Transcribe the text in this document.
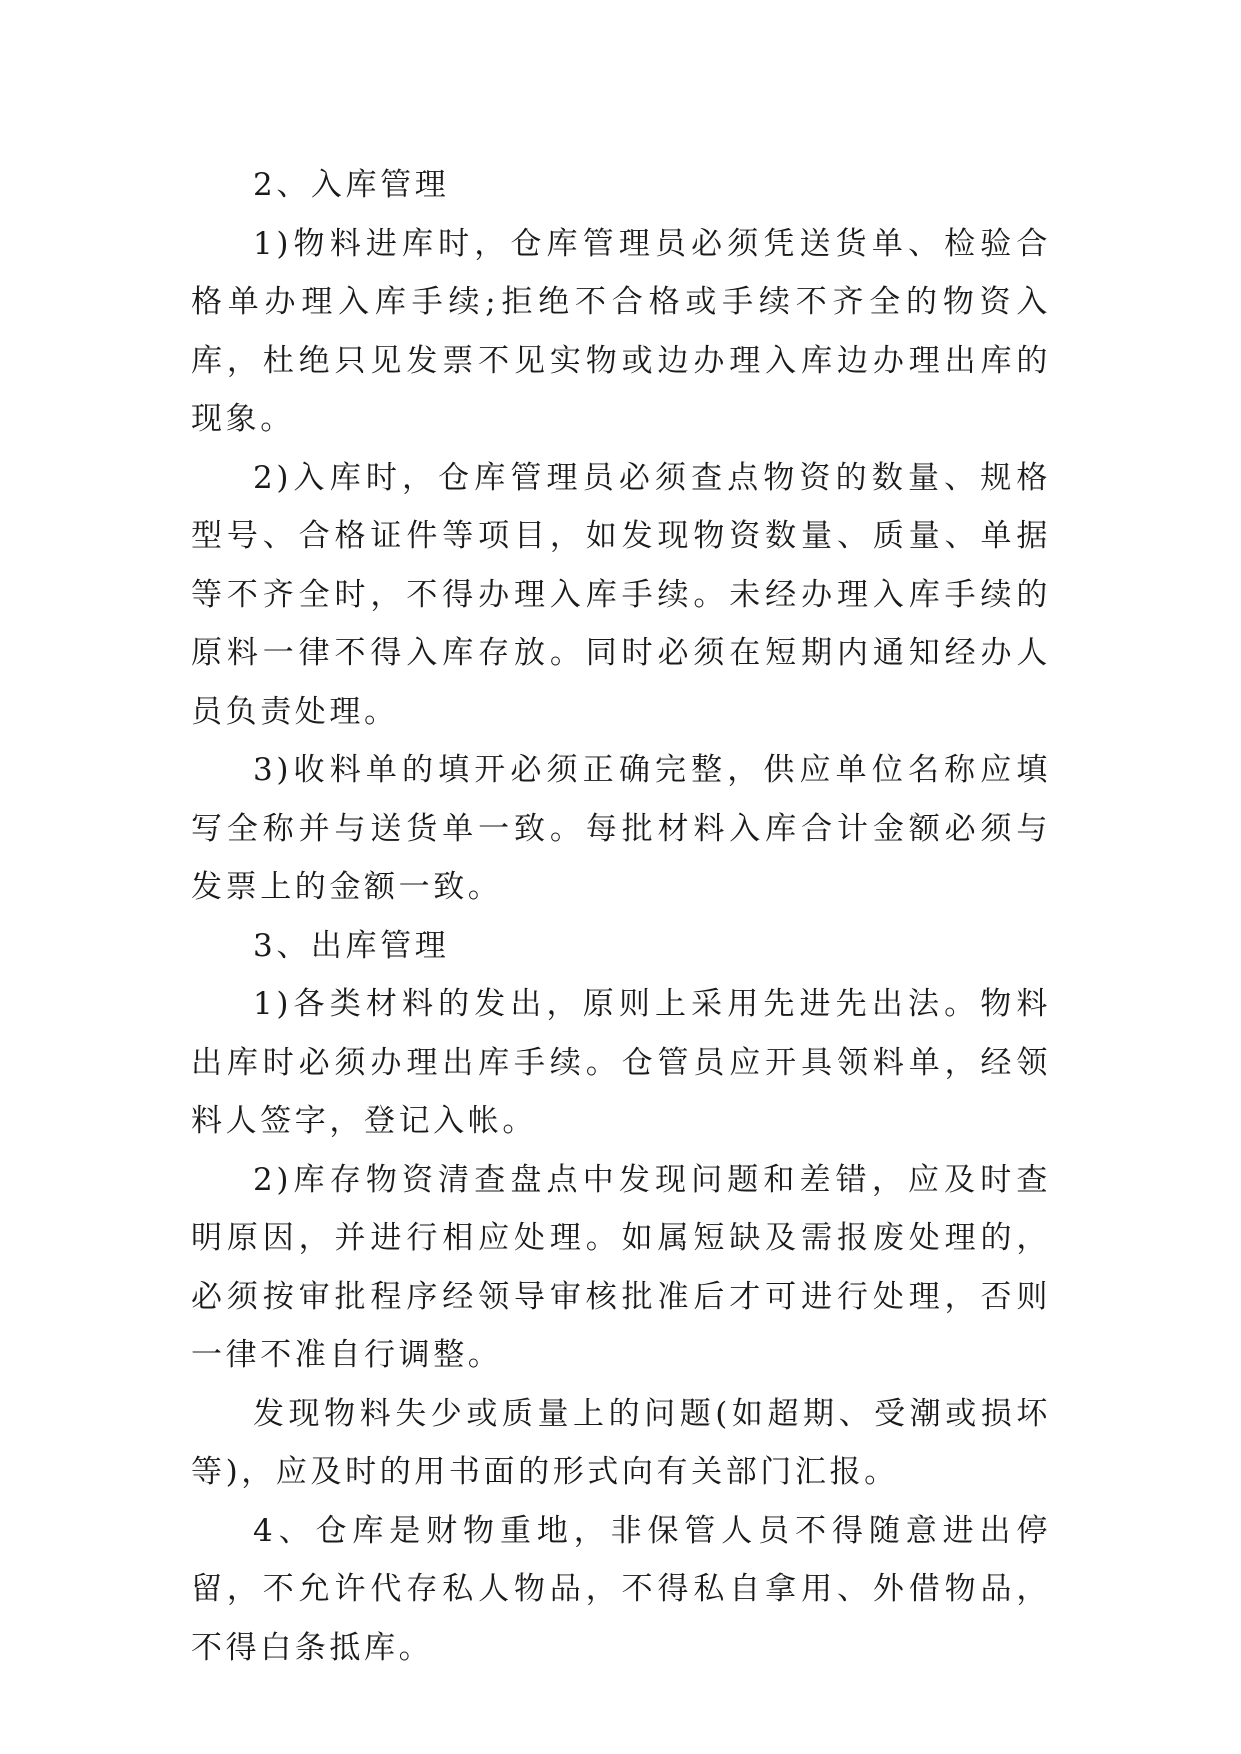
2、入库管理

1)物料进库时，仓库管理员必须凭送货单、检验合格单办理入库手续;拒绝不合格或手续不齐全的物资入库，杜绝只见发票不见实物或边办理入库边办理出库的现象。

2)入库时，仓库管理员必须查点物资的数量、规格型号、合格证件等项目，如发现物资数量、质量、单据等不齐全时，不得办理入库手续。未经办理入库手续的原料一律不得入库存放。同时必须在短期内通知经办人员负责处理。

3)收料单的填开必须正确完整，供应单位名称应填写全称并与送货单一致。每批材料入库合计金额必须与发票上的金额一致。

3、出库管理

1)各类材料的发出，原则上采用先进先出法。物料出库时必须办理出库手续。仓管员应开具领料单，经领料人签字，登记入帐。

2)库存物资清查盘点中发现问题和差错，应及时查明原因，并进行相应处理。如属短缺及需报废处理的，必须按审批程序经领导审核批准后才可进行处理，否则一律不准自行调整。

发现物料失少或质量上的问题(如超期、受潮或损坏等)，应及时的用书面的形式向有关部门汇报。

4、仓库是财物重地，非保管人员不得随意进出停留，不允许代存私人物品，不得私自拿用、外借物品，不得白条抵库。
